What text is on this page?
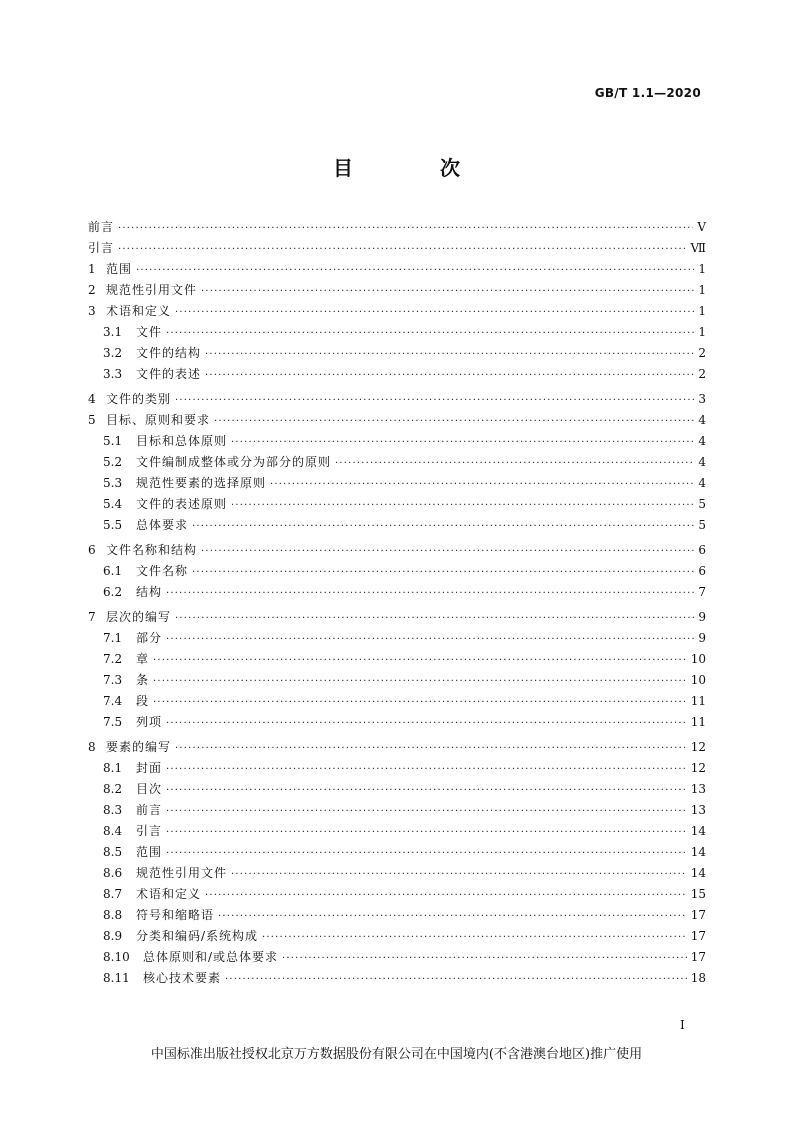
GB/T 1.1—2020
目 次
前言 ·····	Ⅴ
引言 ·····	Ⅶ
1 范围 ·····	1
2 规范性引用文件 ·····	1
3 术语和定义 ·····	1
3.1	文件 ·····	1
3.2	文件的结构 ·····	2
3.3	文件的表述 ·····	2
4 文件的类别 ·····	3
5 目标、原则和要求 ·····	4
5.1	目标和总体原则 ·····	4
5.2	文件编制成整体或分为部分的原则 ·····	4
5.3	规范性要素的选择原则 ·····	4
5.4	文件的表述原则 ·····	5
5.5	总体要求 ·····	5
6 文件名称和结构 ·····	6
6.1	文件名称 ·····	6
6.2	结构 ·····	7
7 层次的编写 ·····	9
7.1	部分 ·····	9
7.2	章 ·····	10
7.3	条 ·····	10
7.4	段 ·····	11
7.5	列项 ·····	11
8 要素的编写 ·····	12
8.1	封面 ·····	12
8.2	目次 ·····	13
8.3	前言 ·····	13
8.4	引言 ·····	14
8.5	范围 ·····	14
8.6	规范性引用文件 ·····	14
8.7	术语和定义 ·····	15
8.8	符号和缩略语 ·····	17
8.9	分类和编码/系统构成 ·····	17
8.10	总体原则和/或总体要求 ·····	17
8.11	核心技术要素 ·····	18
Ⅰ
中国标准出版社授权北京万方数据股份有限公司在中国境内(不含港澳台地区)推广使用
